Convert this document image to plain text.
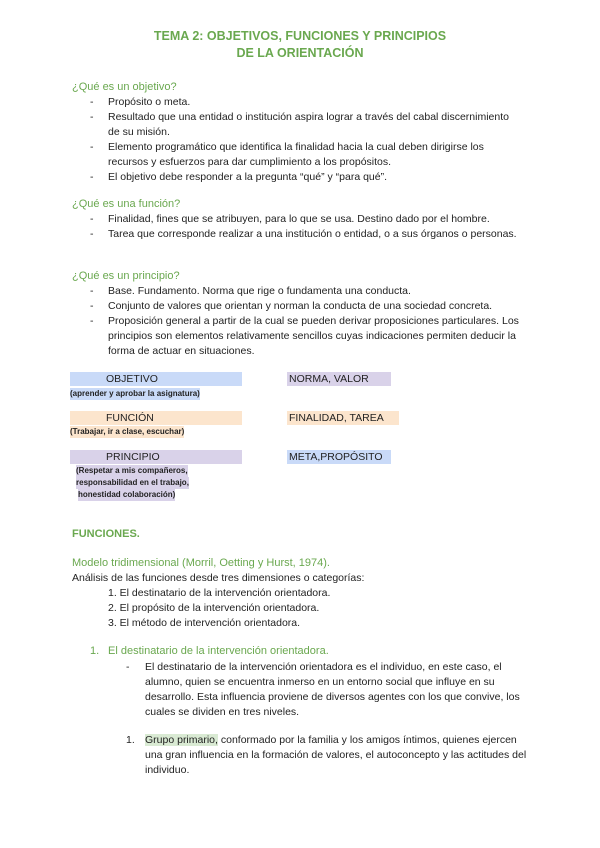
TEMA 2: OBJETIVOS, FUNCIONES Y PRINCIPIOS
DE LA ORIENTACIÓN
¿Qué es un objetivo?
- Propósito o meta.
- Resultado que una entidad o institución aspira lograr a través del cabal discernimiento de su misión.
- Elemento programático que identifica la finalidad hacia la cual deben dirigirse los recursos y esfuerzos para dar cumplimiento a los propósitos.
- El objetivo debe responder a la pregunta “qué” y “para qué”.
¿Qué es una función?
- Finalidad, fines que se atribuyen, para lo que se usa. Destino dado por el hombre.
- Tarea que corresponde realizar a una institución o entidad, o a sus órganos o personas.
¿Qué es un principio?
- Base. Fundamento. Norma que rige o fundamenta una conducta.
- Conjunto de valores que orientan y norman la conducta de una sociedad concreta.
- Proposición general a partir de la cual se pueden derivar proposiciones particulares. Los principios son elementos relativamente sencillos cuyas indicaciones permiten deducir la forma de actuar en situaciones.
OBJETIVO
(aprender y aprobar la asignatura)
NORMA, VALOR
FUNCIÓN
(Trabajar, ir a clase, escuchar)
FINALIDAD, TAREA
PRINCIPIO
(Respetar a mis compañeros,
responsabilidad en el trabajo,
honestidad colaboración)
META,PROPÓSITO
FUNCIONES.
Modelo tridimensional (Morril, Oetting y Hurst, 1974).
Análisis de las funciones desde tres dimensiones o categorías:
1. El destinatario de la intervención orientadora.
2. El propósito de la intervención orientadora.
3. El método de intervención orientadora.
1. El destinatario de la intervención orientadora.
- El destinatario de la intervención orientadora es el individuo, en este caso, el alumno, quien se encuentra inmerso en un entorno social que influye en su desarrollo. Esta influencia proviene de diversos agentes con los que convive, los cuales se dividen en tres niveles.
1. Grupo primario, conformado por la familia y los amigos íntimos, quienes ejercen una gran influencia en la formación de valores, el autoconcepto y las actitudes del individuo.
